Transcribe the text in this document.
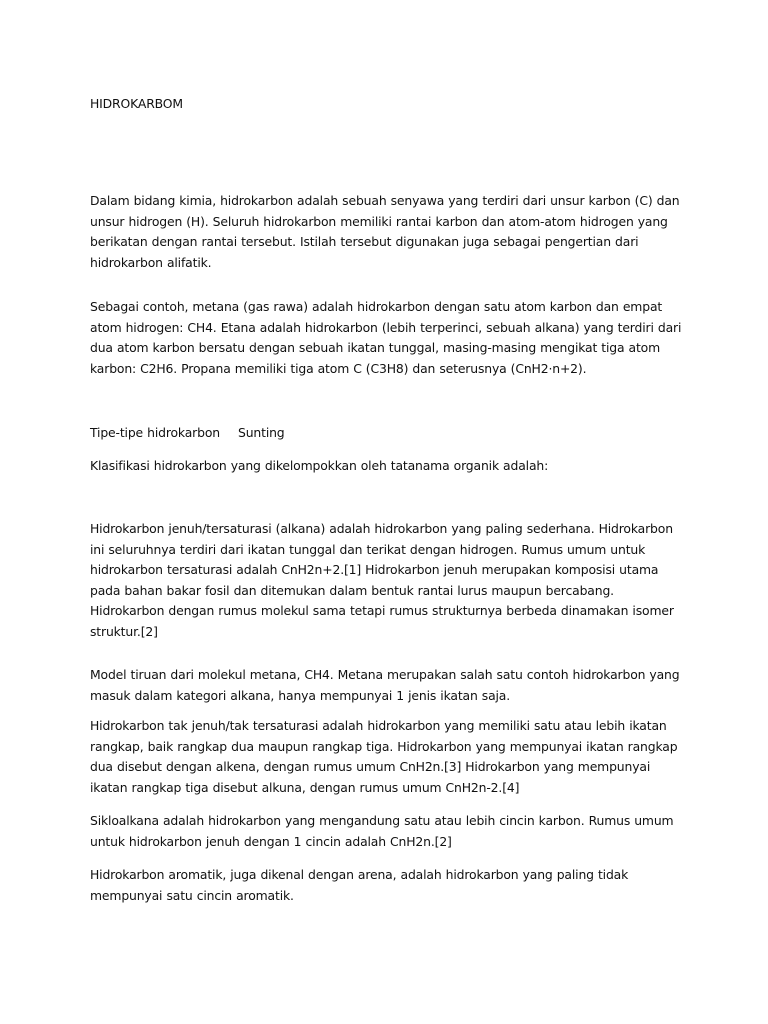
HIDROKARBOM

Dalam bidang kimia, hidrokarbon adalah sebuah senyawa yang terdiri dari unsur karbon (C) dan unsur hidrogen (H). Seluruh hidrokarbon memiliki rantai karbon dan atom-atom hidrogen yang berikatan dengan rantai tersebut. Istilah tersebut digunakan juga sebagai pengertian dari hidrokarbon alifatik.

Sebagai contoh, metana (gas rawa) adalah hidrokarbon dengan satu atom karbon dan empat atom hidrogen: CH4. Etana adalah hidrokarbon (lebih terperinci, sebuah alkana) yang terdiri dari dua atom karbon bersatu dengan sebuah ikatan tunggal, masing-masing mengikat tiga atom karbon: C2H6. Propana memiliki tiga atom C (C3H8) dan seterusnya (CnH2·n+2).

Tipe-tipe hidrokarbon Sunting

Klasifikasi hidrokarbon yang dikelompokkan oleh tatanama organik adalah:

Hidrokarbon jenuh/tersaturasi (alkana) adalah hidrokarbon yang paling sederhana. Hidrokarbon ini seluruhnya terdiri dari ikatan tunggal dan terikat dengan hidrogen. Rumus umum untuk hidrokarbon tersaturasi adalah CnH2n+2.[1] Hidrokarbon jenuh merupakan komposisi utama pada bahan bakar fosil dan ditemukan dalam bentuk rantai lurus maupun bercabang. Hidrokarbon dengan rumus molekul sama tetapi rumus strukturnya berbeda dinamakan isomer struktur.[2]

Model tiruan dari molekul metana, CH4. Metana merupakan salah satu contoh hidrokarbon yang masuk dalam kategori alkana, hanya mempunyai 1 jenis ikatan saja.

Hidrokarbon tak jenuh/tak tersaturasi adalah hidrokarbon yang memiliki satu atau lebih ikatan rangkap, baik rangkap dua maupun rangkap tiga. Hidrokarbon yang mempunyai ikatan rangkap dua disebut dengan alkena, dengan rumus umum CnH2n.[3] Hidrokarbon yang mempunyai ikatan rangkap tiga disebut alkuna, dengan rumus umum CnH2n-2.[4]

Sikloalkana adalah hidrokarbon yang mengandung satu atau lebih cincin karbon. Rumus umum untuk hidrokarbon jenuh dengan 1 cincin adalah CnH2n.[2]

Hidrokarbon aromatik, juga dikenal dengan arena, adalah hidrokarbon yang paling tidak mempunyai satu cincin aromatik.
